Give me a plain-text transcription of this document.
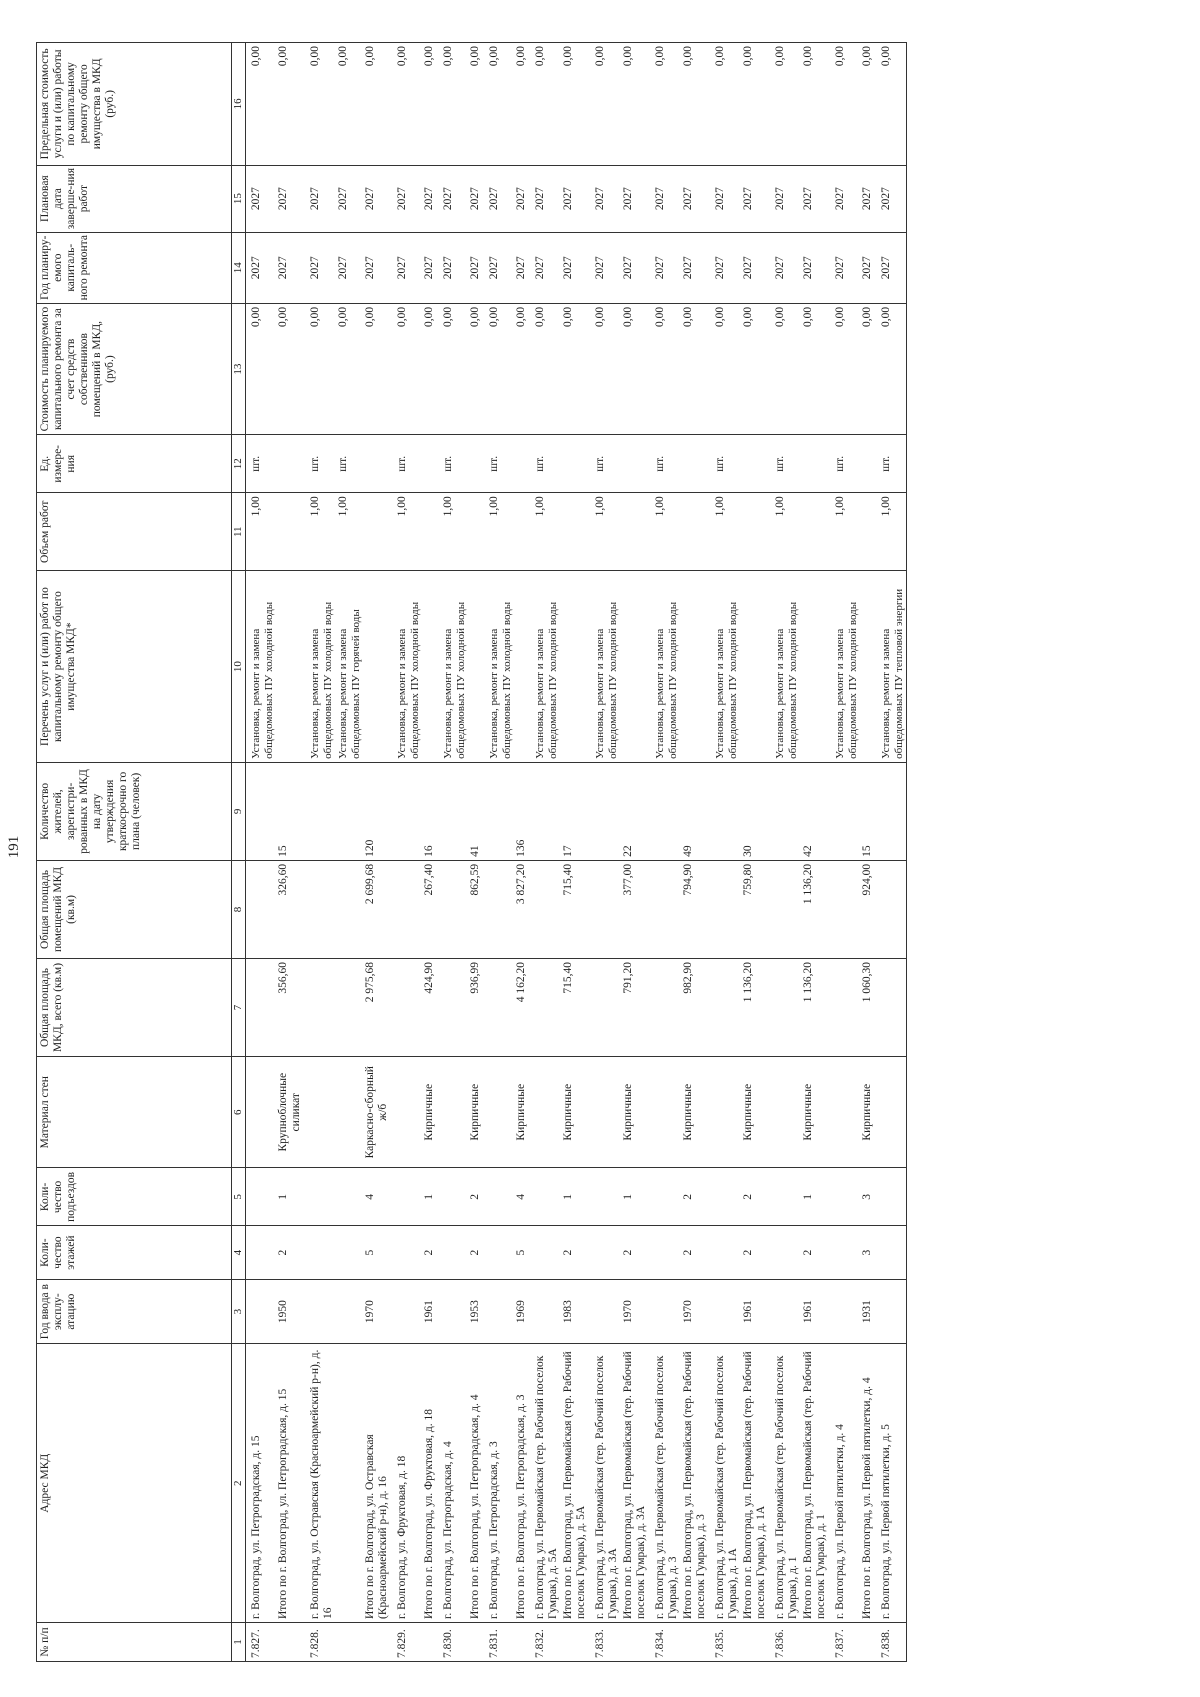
191
№ п/п	Адрес МКД	Год ввода в эксплу-атацию	Коли-чество этажей	Коли-чество подъездов	Материал стен	Общая площадь МКД, всего (кв.м)	Общая площадь помещений МКД (кв.м)	Количество жителей, зарегистри-рованных в МКД на дату утверждения краткосрочно го плана (человек)	Перечень услуг и (или) работ по капитальному ремонту общего имущества МКД*	Объем работ	Ед. измере-ния	Стоимость планируемого капитального ремонта за счет средств собственников помещений в МКД, (руб.)	Год планиру-емого капиталь-ного ремонта	Плановая дата заверше-ния работ	Предельная стоимость услуги и (или) работы по капитальному ремонту общего имущества в МКД (руб.)
1	2	3	4	5	6	7	8	9	10	11	12	13	14	15	16
7.827.	г. Волгоград, ул. Петроградская, д. 15								Установка, ремонт и замена общедомовых ПУ холодной воды	1,00	шт.	0,00	2027	2027	0,00
	Итого по г. Волгоград, ул. Петроградская, д. 15	1950	2	1	Крупноблочные силикат	356,60	326,60	15				0,00	2027	2027	0,00
7.828.	г. Волгоград, ул. Остравская (Красноармейский р-н), д. 16								Установка, ремонт и замена общедомовых ПУ холодной воды	1,00	шт.	0,00	2027	2027	0,00
									Установка, ремонт и замена общедомовых ПУ горячей воды	1,00	шт.	0,00	2027	2027	0,00
	Итого по г. Волгоград, ул. Остравская (Красноармейский р-н), д. 16	1970	5	4	Каркасно-сборный ж/б	2 975,68	2 699,68	120				0,00	2027	2027	0,00
7.829.	г. Волгоград, ул. Фруктовая, д. 18								Установка, ремонт и замена общедомовых ПУ холодной воды	1,00	шт.	0,00	2027	2027	0,00
	Итого по г. Волгоград, ул. Фруктовая, д. 18	1961	2	1	Кирпичные	424,90	267,40	16				0,00	2027	2027	0,00
7.830.	г. Волгоград, ул. Петроградская, д. 4								Установка, ремонт и замена общедомовых ПУ холодной воды	1,00	шт.	0,00	2027	2027	0,00
	Итого по г. Волгоград, ул. Петроградская, д. 4	1953	2	2	Кирпичные	936,99	862,59	41				0,00	2027	2027	0,00
7.831.	г. Волгоград, ул. Петроградская, д. 3								Установка, ремонт и замена общедомовых ПУ холодной воды	1,00	шт.	0,00	2027	2027	0,00
	Итого по г. Волгоград, ул. Петроградская, д. 3	1969	5	4	Кирпичные	4 162,20	3 827,20	136				0,00	2027	2027	0,00
7.832.	г. Волгоград, ул. Первомайская (тер. Рабочий поселок Гумрак), д. 5А								Установка, ремонт и замена общедомовых ПУ холодной воды	1,00	шт.	0,00	2027	2027	0,00
	Итого по г. Волгоград, ул. Первомайская (тер. Рабочий поселок Гумрак), д. 5А	1983	2	1	Кирпичные	715,40	715,40	17				0,00	2027	2027	0,00
7.833.	г. Волгоград, ул. Первомайская (тер. Рабочий поселок Гумрак), д. 3А								Установка, ремонт и замена общедомовых ПУ холодной воды	1,00	шт.	0,00	2027	2027	0,00
	Итого по г. Волгоград, ул. Первомайская (тер. Рабочий поселок Гумрак), д. 3А	1970	2	1	Кирпичные	791,20	377,00	22				0,00	2027	2027	0,00
7.834.	г. Волгоград, ул. Первомайская (тер. Рабочий поселок Гумрак), д. 3								Установка, ремонт и замена общедомовых ПУ холодной воды	1,00	шт.	0,00	2027	2027	0,00
	Итого по г. Волгоград, ул. Первомайская (тер. Рабочий поселок Гумрак), д. 3	1970	2	2	Кирпичные	982,90	794,90	49				0,00	2027	2027	0,00
7.835.	г. Волгоград, ул. Первомайская (тер. Рабочий поселок Гумрак), д. 1А								Установка, ремонт и замена общедомовых ПУ холодной воды	1,00	шт.	0,00	2027	2027	0,00
	Итого по г. Волгоград, ул. Первомайская (тер. Рабочий поселок Гумрак), д. 1А	1961	2	2	Кирпичные	1 136,20	759,80	30				0,00	2027	2027	0,00
7.836.	г. Волгоград, ул. Первомайская (тер. Рабочий поселок Гумрак), д. 1								Установка, ремонт и замена общедомовых ПУ холодной воды	1,00	шт.	0,00	2027	2027	0,00
	Итого по г. Волгоград, ул. Первомайская (тер. Рабочий поселок Гумрак), д. 1	1961	2	1	Кирпичные	1 136,20	1 136,20	42				0,00	2027	2027	0,00
7.837.	г. Волгоград, ул. Первой пятилетки, д. 4								Установка, ремонт и замена общедомовых ПУ холодной воды	1,00	шт.	0,00	2027	2027	0,00
	Итого по г. Волгоград, ул. Первой пятилетки, д. 4	1931	3	3	Кирпичные	1 060,30	924,00	15				0,00	2027	2027	0,00
7.838.	г. Волгоград, ул. Первой пятилетки, д. 5								Установка, ремонт и замена общедомовых ПУ тепловой энергии	1,00	шт.	0,00	2027	2027	0,00
